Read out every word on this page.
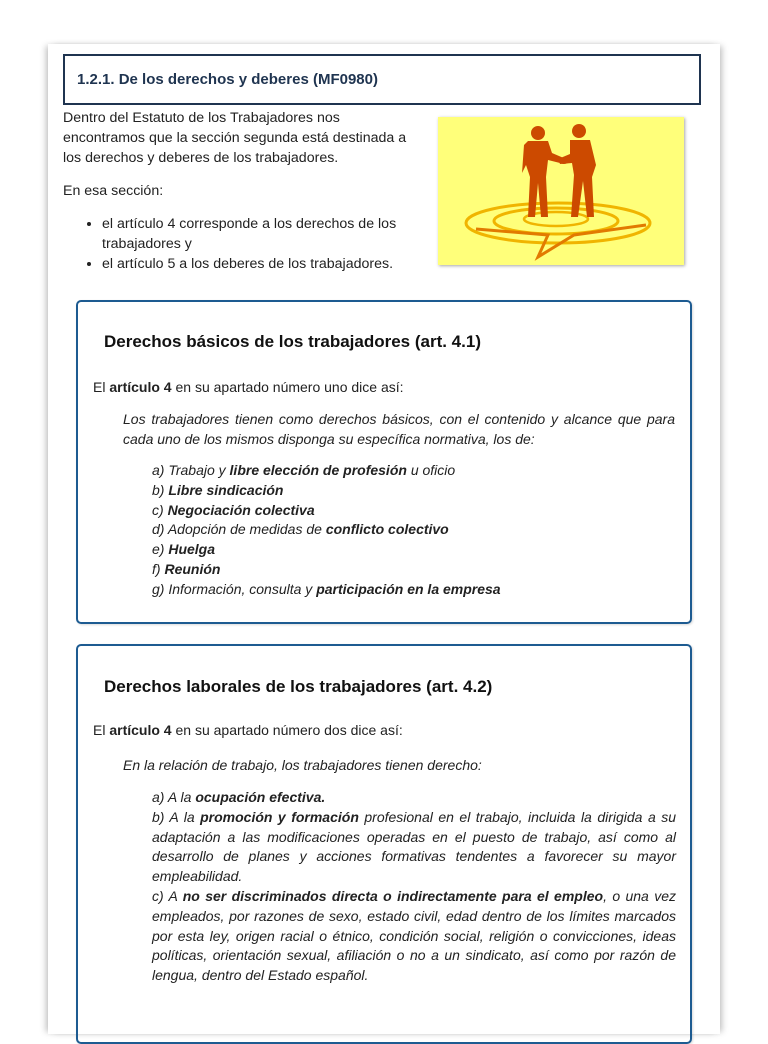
1.2.1. De los derechos y deberes (MF0980)

Dentro del Estatuto de los Trabajadores nos encontramos que la sección segunda está destinada a los derechos y deberes de los trabajadores.

En esa sección:

• el artículo 4 corresponde a los derechos de los trabajadores y
• el artículo 5 a los deberes de los trabajadores.
Derechos básicos de los trabajadores (art. 4.1)
El artículo 4 en su apartado número uno dice así:
Los trabajadores tienen como derechos básicos, con el contenido y alcance que para cada uno de los mismos disponga su específica normativa, los de:
a) Trabajo y libre elección de profesión u oficio
b) Libre sindicación
c) Negociación colectiva
d) Adopción de medidas de conflicto colectivo
e) Huelga
f) Reunión
g) Información, consulta y participación en la empresa
Derechos laborales de los trabajadores (art. 4.2)
El artículo 4 en su apartado número dos dice así:
En la relación de trabajo, los trabajadores tienen derecho:
a) A la ocupación efectiva.
b) A la promoción y formación profesional en el trabajo, incluida la dirigida a su adaptación a las modificaciones operadas en el puesto de trabajo, así como al desarrollo de planes y acciones formativas tendentes a favorecer su mayor empleabilidad.
c) A no ser discriminados directa o indirectamente para el empleo, o una vez empleados, por razones de sexo, estado civil, edad dentro de los límites marcados por esta ley, origen racial o étnico, condición social, religión o convicciones, ideas políticas, orientación sexual, afiliación o no a un sindicato, así como por razón de lengua, dentro del Estado español.
